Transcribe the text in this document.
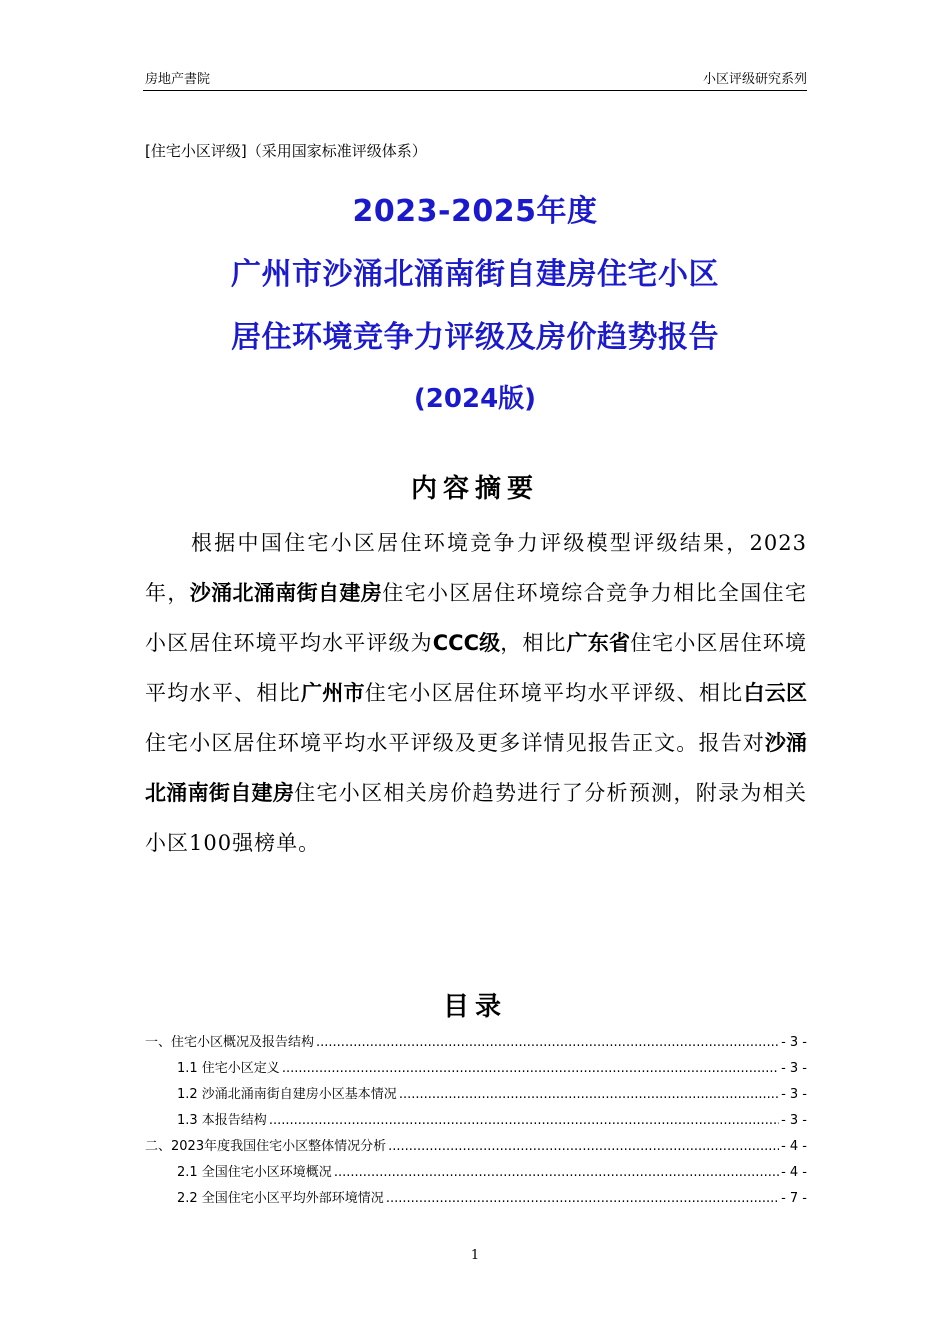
房地产書院	小区评级研究系列
[住宅小区评级]（采用国家标准评级体系）
2023-2025年度
广州市沙涌北涌南街自建房住宅小区
居住环境竞争力评级及房价趋势报告
(2024版)
内容摘要
根据中国住宅小区居住环境竞争力评级模型评级结果，2023年，沙涌北涌南街自建房住宅小区居住环境综合竞争力相比全国住宅小区居住环境平均水平评级为CCC级，相比广东省住宅小区居住环境平均水平、相比广州市住宅小区居住环境平均水平评级、相比白云区住宅小区居住环境平均水平评级及更多详情见报告正文。报告对沙涌北涌南街自建房住宅小区相关房价趋势进行了分析预测，附录为相关小区100强榜单。
目录
一、住宅小区概况及报告结构 .....	- 3 -
1.1 住宅小区定义 .....	- 3 -
1.2 沙涌北涌南街自建房小区基本情况 .....	- 3 -
1.3 本报告结构 .....	- 3 -
二、2023年度我国住宅小区整体情况分析 .....	- 4 -
2.1 全国住宅小区环境概况 .....	- 4 -
2.2 全国住宅小区平均外部环境情况 .....	- 7 -
1
